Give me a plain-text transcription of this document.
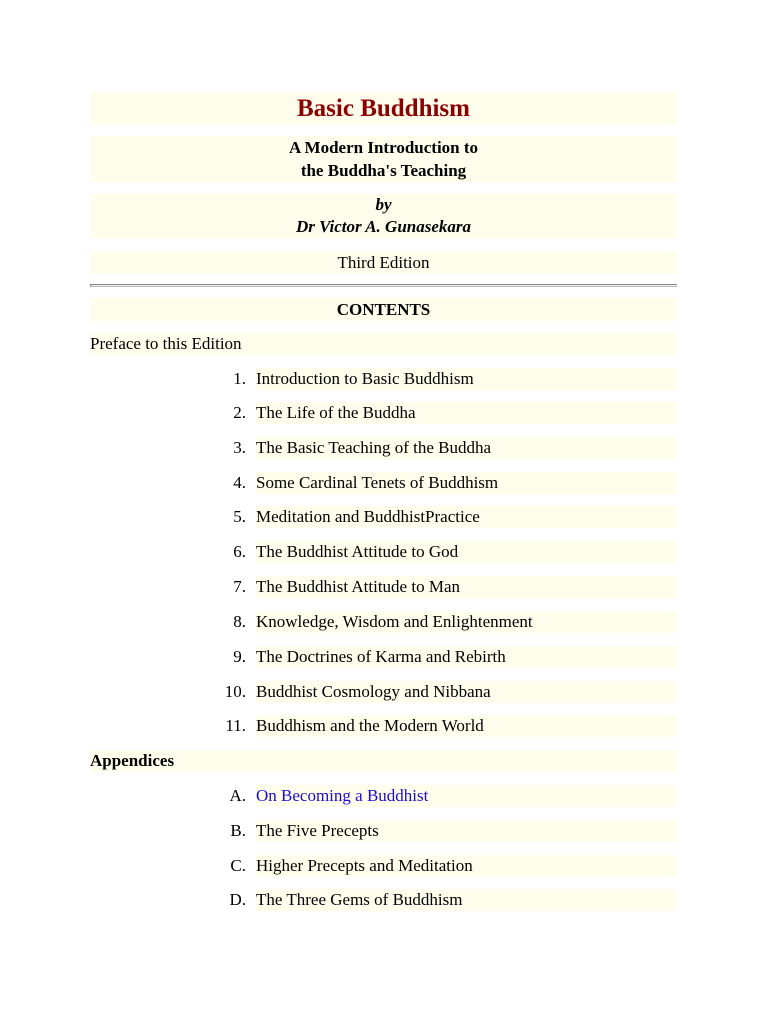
Basic Buddhism
A Modern Introduction to
the Buddha's Teaching
by
Dr Victor A. Gunasekara
Third Edition
CONTENTS
Preface to this Edition
1. Introduction to Basic Buddhism
2. The Life of the Buddha
3. The Basic Teaching of the Buddha
4. Some Cardinal Tenets of Buddhism
5. Meditation and BuddhistPractice
6. The Buddhist Attitude to God
7. The Buddhist Attitude to Man
8. Knowledge, Wisdom and Enlightenment
9. The Doctrines of Karma and Rebirth
10. Buddhist Cosmology and Nibbana
11. Buddhism and the Modern World
Appendices
A. On Becoming a Buddhist
B. The Five Precepts
C. Higher Precepts and Meditation
D. The Three Gems of Buddhism
